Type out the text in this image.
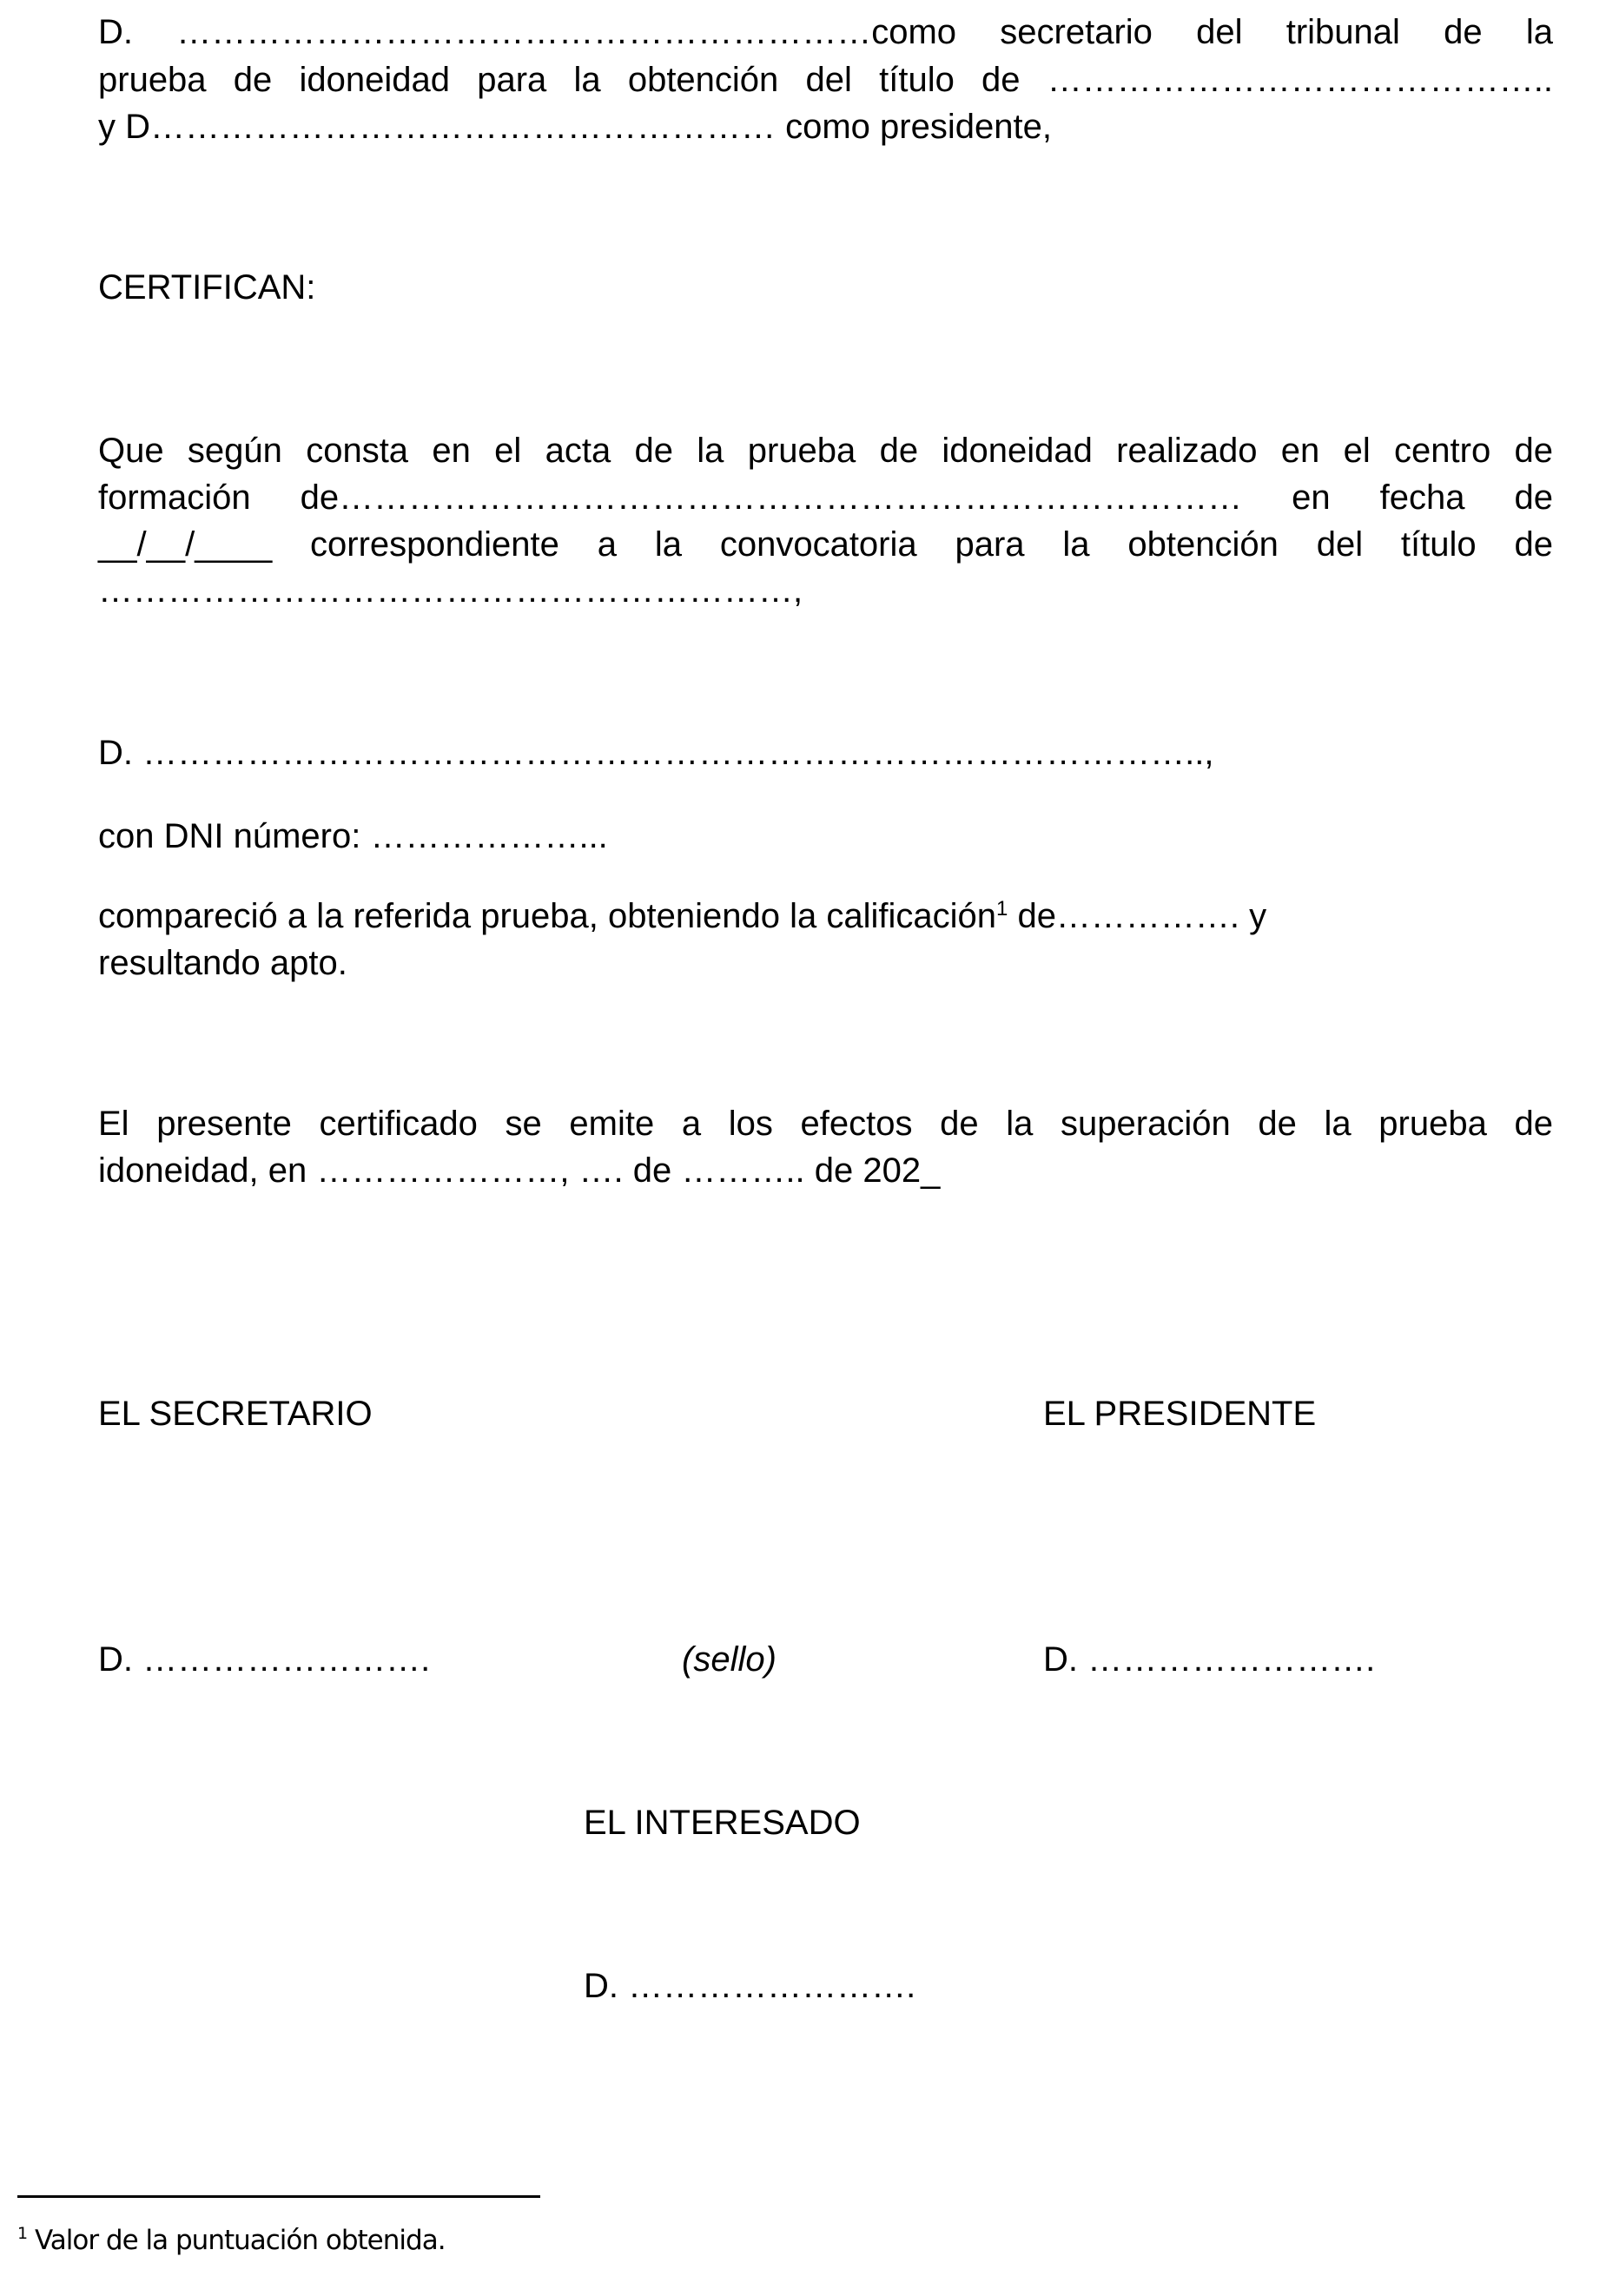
D. ……………………………………………………como secretario del tribunal de la
prueba de idoneidad para la obtención del título de ……………………………………..
y D……………………………………………… como presidente,
CERTIFICAN:
Que según consta en el acta de la prueba de idoneidad realizado en el centro de
formación de…………………………………………………………………… en fecha de
__/__/____ correspondiente a la convocatoria para la obtención del título de
……………………………………………………,
D. ………………………………………………………………………………..,
con DNI número: ………………...
compareció a la referida prueba, obteniendo la calificación$^1$ de……………. y
resultando apto.
El presente certificado se emite a los efectos de la superación de la prueba de
idoneidad, en …………………, …. de ……….. de 202_
EL SECRETARIO	EL PRESIDENTE
D. …………………….	(sello)	D. …………………….
EL INTERESADO
D. …………………….
$^1$ Valor de la puntuación obtenida.
